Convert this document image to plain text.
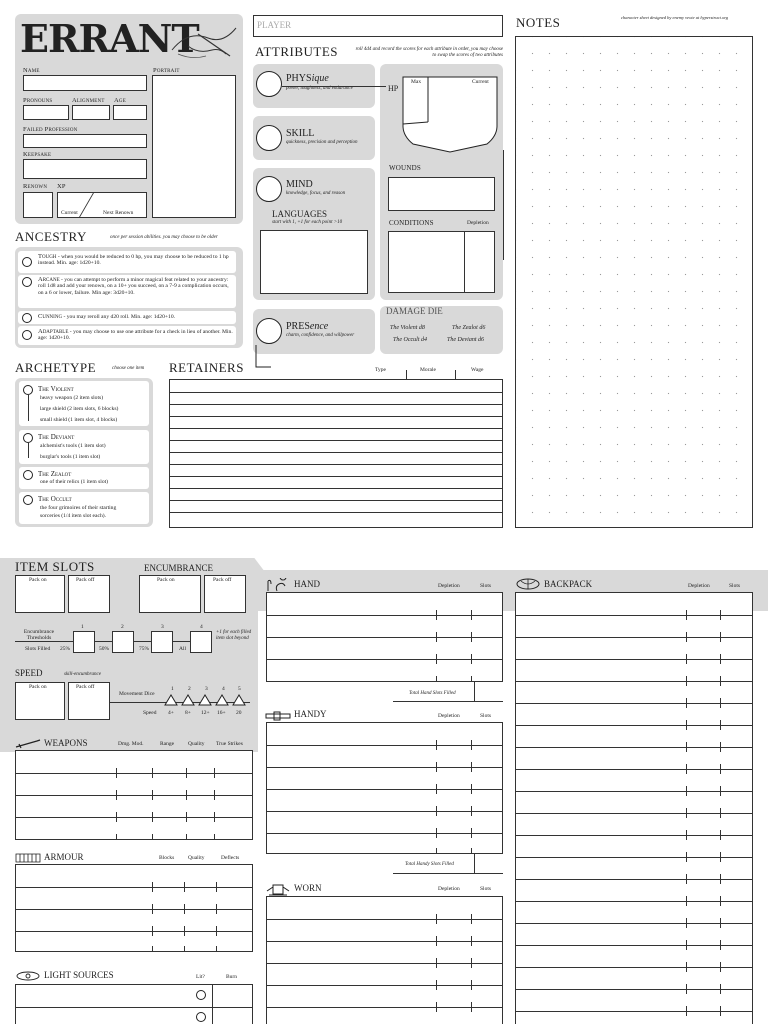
ERRANT
Name	Portrait
Pronouns	Alignment Age
Failed Profession
Keepsake
Renown XP
Current	Next Renown
PLAYER
ATTRIBUTES	roll 4d4 and record the scores for each attribute in order, you may choose to swap the scores of two attributes
PHYSique
power, toughness, and endurance
SKILL
quickness, precision and perception
MIND
knowledge, focus, and reason
LANGUAGES
start with 1, +1 for each point >10
PRESence
charm, confidence, and willpower
HP
Max	Current
WOUNDS
CONDITIONS	Depletion
DAMAGE DIE
The Violent d8	The Zealot d6
The Occult d4	The Deviant d6
NOTES	character sheet designed by enemy veote at hyperstruct.org
ANCESTRY	once per session abilities. you may choose to be older
Tough - when you would be reduced to 0 hp, you may choose to be reduced to 1 hp instead. Min. age: 1d20+10.
Arcane - you can attempt to perform a minor magical feat related to your ancestry: roll 1d8 and add your renown, on a 10+ you succeed, on a 7-9 a complication occurs, on a 6 or lower, failure. Min age: 3d20+10.
Cunning - you may reroll any d20 roll. Min. age: 1d20+10.
Adaptable - you may choose to use one attribute for a check in lieu of another. Min. age: 1d20+10.
ARCHETYPE	choose one item
The Violent
heavy weapon (2 item slots)
large shield (2 item slots, 6 blocks)
small shield (1 item slot, 4 blocks)
The Deviant
alchemist's tools (1 item slot)
burglar's tools (1 item slot)
The Zealot
one of their relics (1 item slot)
The Occult
the four grimoires of their starting
sorceries (1/4 item slot each).
RETAINERS	Type	Morale	Wage
ITEM SLOTS	ENCUMBRANCE
Pack on	Pack off	Pack on	Pack off
Encumbrance Thresholds
Slots Filled
1	2	3	4
25%	50%	75%	All
+1 for each filled item slot beyond
SPEED	skill-encumbrance
Pack on	Pack off
Movement Dice
Speed
1	2	3	4 5
4+ 8+ 12+ 16+ 20
WEAPONS	Dmg. Mod.	Range	Quality True Strikes
ARMOUR	Blocks Quality	Deflects
LIGHT SOURCES	Lit?	Burn
HAND	Depletion	Slots
Total Hand Slots Filled
HANDY	Depletion	Slots
Total Handy Slots Filled
WORN	Depletion	Slots
BACKPACK	Depletion	Slots
